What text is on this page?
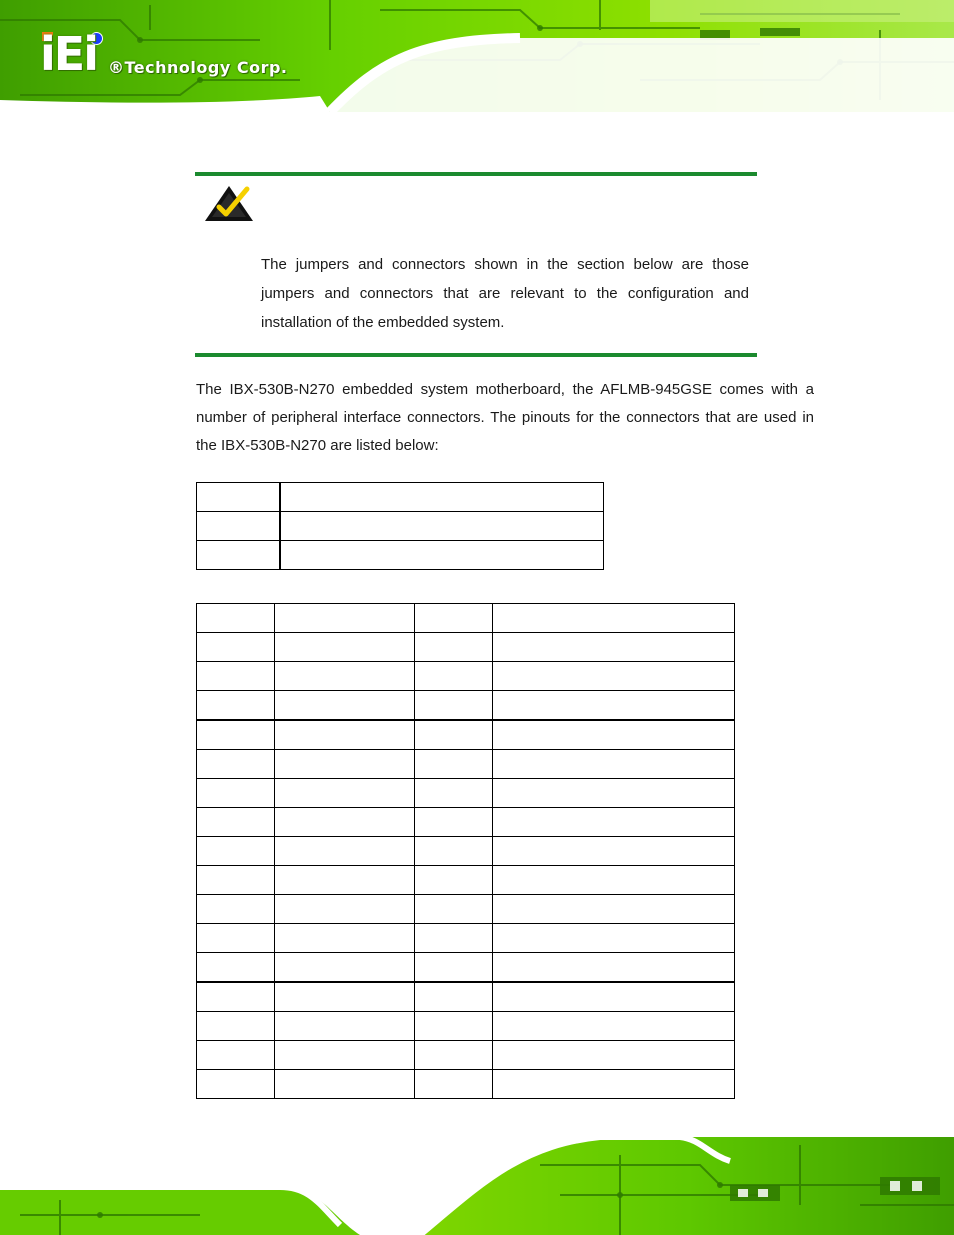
iEi ®Technology Corp.
The jumpers and connectors shown in the section below are those jumpers and connectors that are relevant to the configuration and installation of the embedded system.
The IBX-530B-N270 embedded system motherboard, the AFLMB-945GSE comes with a number of peripheral interface connectors. The pinouts for the connectors that are used in the IBX-530B-N270 are listed below:
